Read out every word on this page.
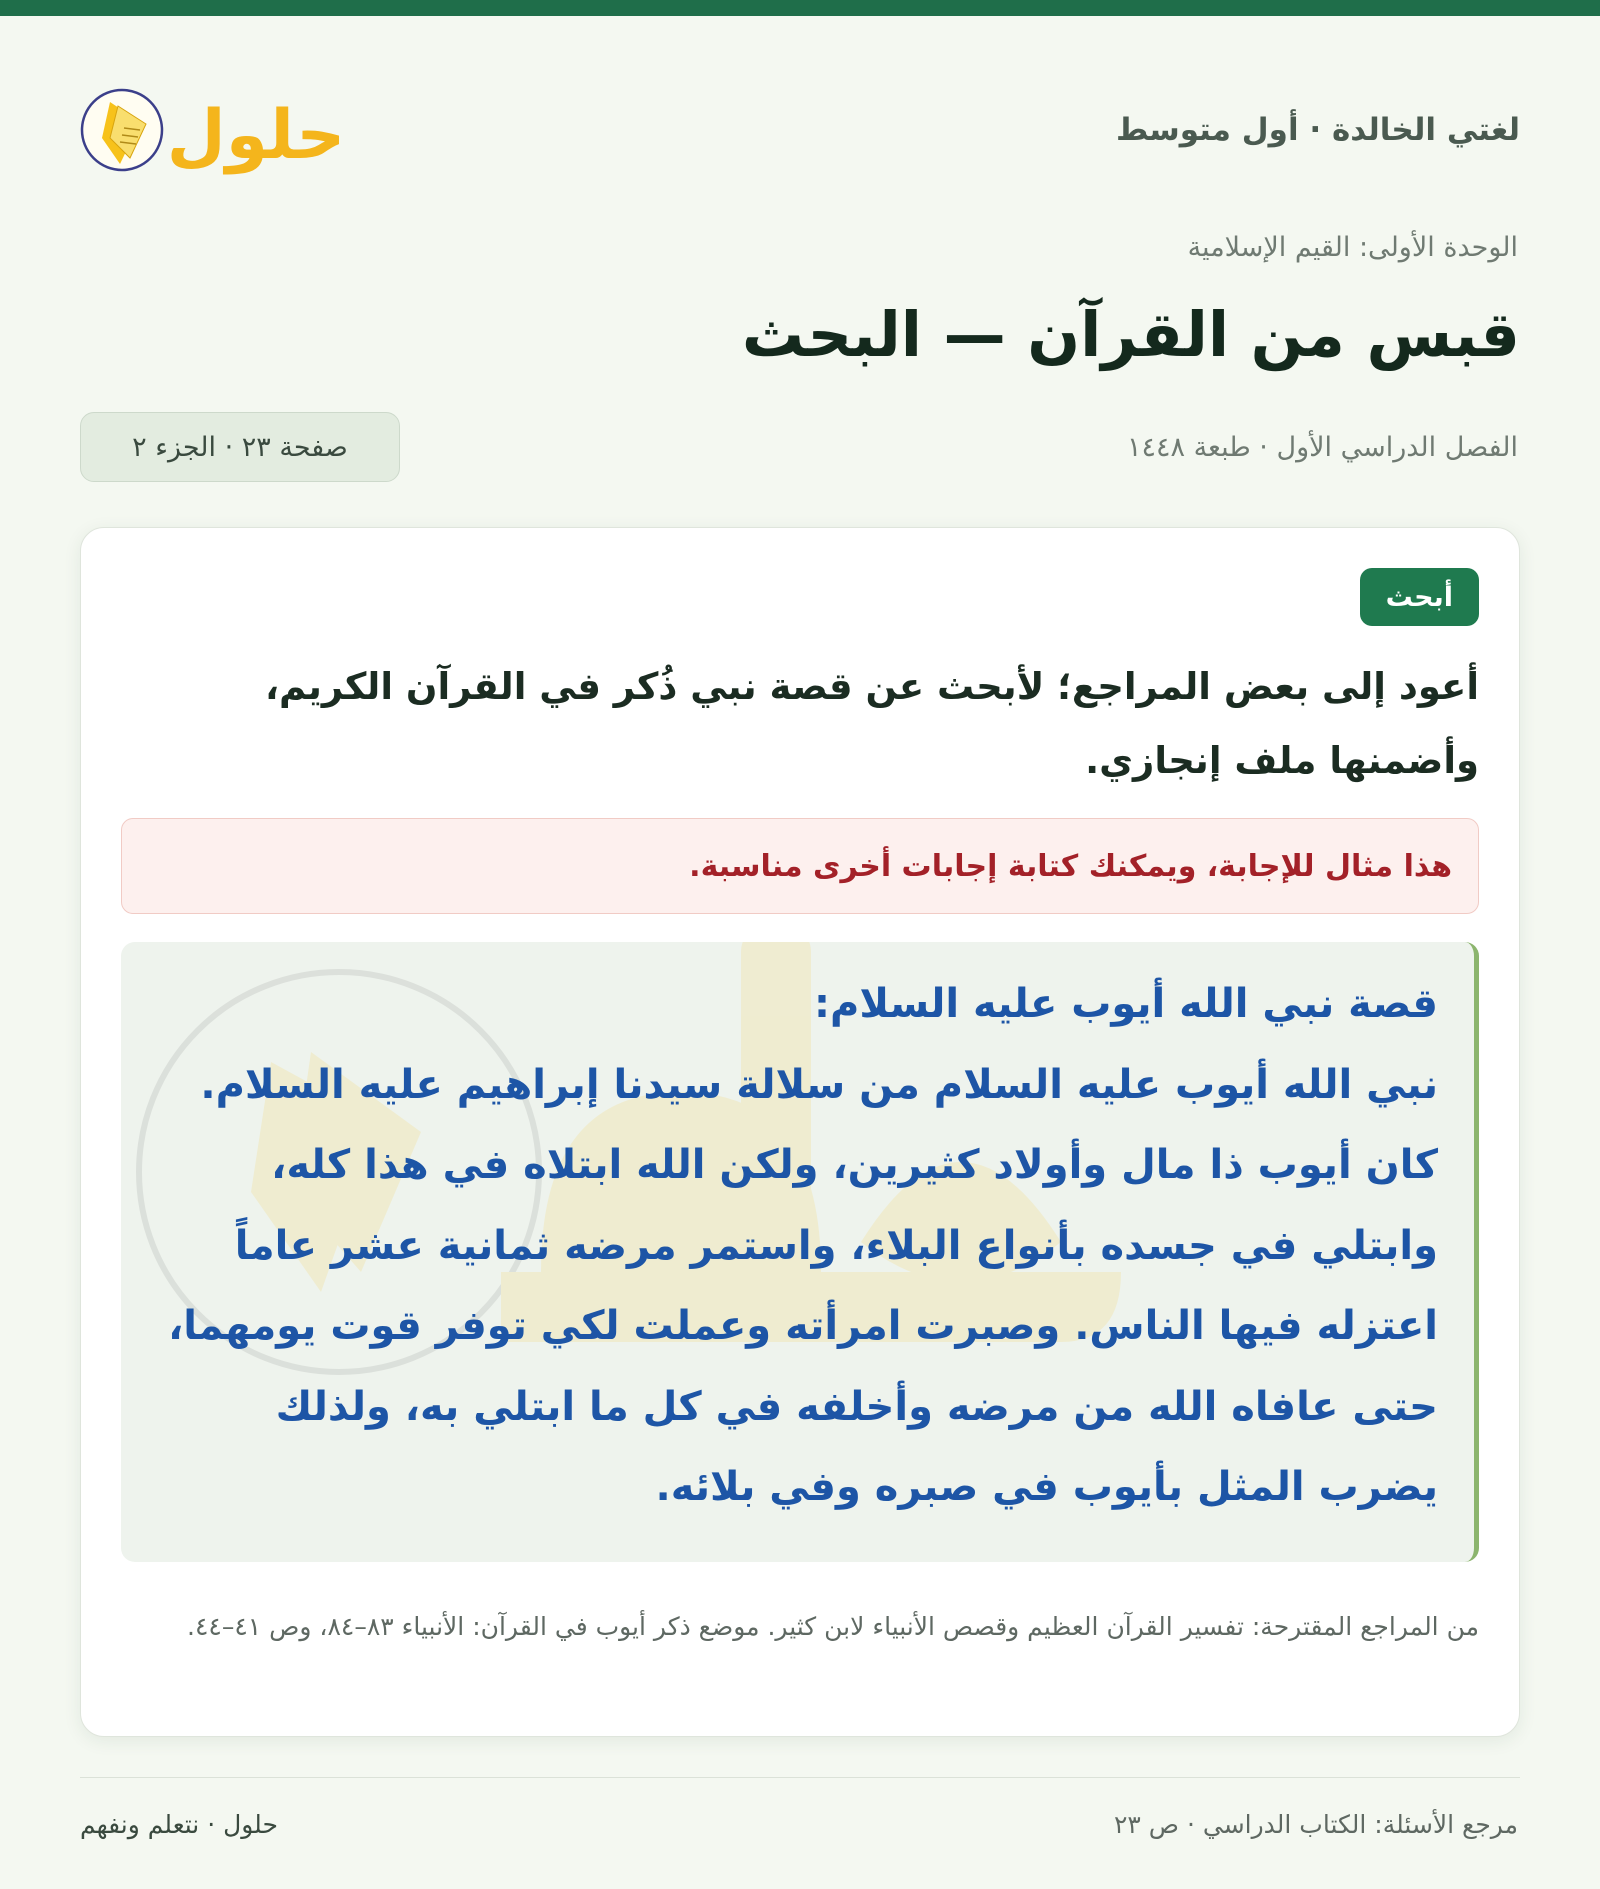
لغتي الخالدة · أول متوسط
حلول
الوحدة الأولى: القيم الإسلامية
قبس من القرآن — البحث
الفصل الدراسي الأول · طبعة ١٤٤٨
صفحة ٢٣ · الجزء ٢
أبحث
أعود إلى بعض المراجع؛ لأبحث عن قصة نبي ذُكر في القرآن الكريم، وأضمنها ملف إنجازي.
هذا مثال للإجابة، ويمكنك كتابة إجابات أخرى مناسبة.
قصة نبي الله أيوب عليه السلام:
نبي الله أيوب عليه السلام من سلالة سيدنا إبراهيم عليه السلام.
كان أيوب ذا مال وأولاد كثيرين، ولكن الله ابتلاه في هذا كله،
وابتلي في جسده بأنواع البلاء، واستمر مرضه ثمانية عشر عاماً
اعتزله فيها الناس. وصبرت امرأته وعملت لكي توفر قوت يومهما،
حتى عافاه الله من مرضه وأخلفه في كل ما ابتلي به، ولذلك
يضرب المثل بأيوب في صبره وفي بلائه.
من المراجع المقترحة: تفسير القرآن العظيم وقصص الأنبياء لابن كثير. موضع ذكر أيوب في القرآن: الأنبياء ٨٣–٨٤، وص ٤١–٤٤.
مرجع الأسئلة: الكتاب الدراسي · ص ٢٣
حلول · نتعلم ونفهم
